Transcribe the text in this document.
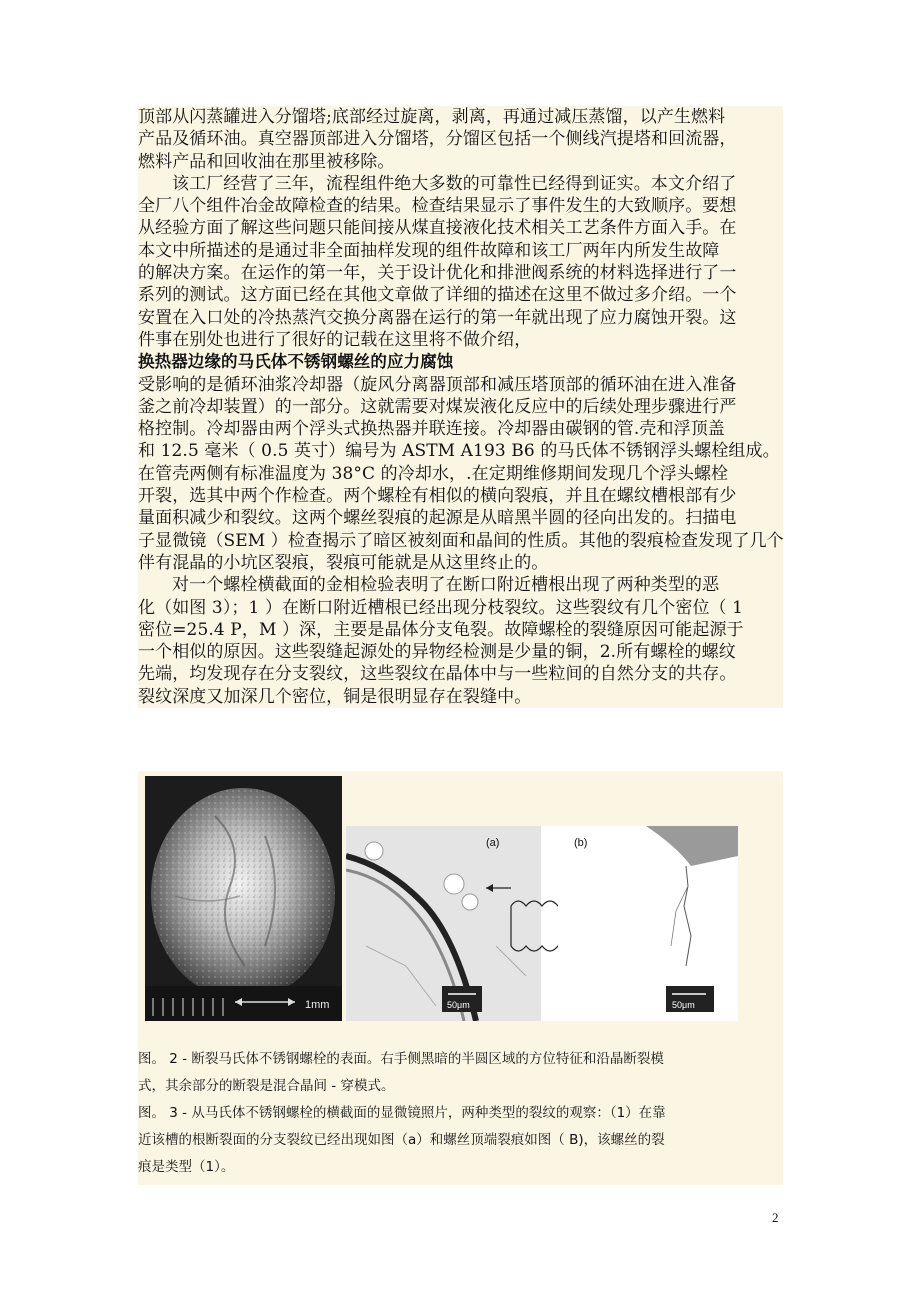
顶部从闪蒸罐进入分馏塔;底部经过旋离，剥离，再通过减压蒸馏，以产生燃料

产品及循环油。真空器顶部进入分馏塔，分馏区包括一个侧线汽提塔和回流器，

燃料产品和回收油在那里被移除。

该工厂经营了三年，流程组件绝大多数的可靠性已经得到证实。本文介绍了

全厂八个组件冶金故障检查的结果。检查结果显示了事件发生的大致顺序。要想

从经验方面了解这些问题只能间接从煤直接液化技术相关工艺条件方面入手。在

本文中所描述的是通过非全面抽样发现的组件故障和该工厂两年内所发生故障

的解决方案。在运作的第一年，关于设计优化和排泄阀系统的材料选择进行了一

系列的测试。这方面已经在其他文章做了详细的描述在这里不做过多介绍。一个

安置在入口处的冷热蒸汽交换分离器在运行的第一年就出现了应力腐蚀开裂。这

件事在别处也进行了很好的记载在这里将不做介绍，

换热器边缘的马氏体不锈钢螺丝的应力腐蚀

受影响的是循环油浆冷却器（旋风分离器顶部和减压塔顶部的循环油在进入准备

釜之前冷却装置）的一部分。这就需要对煤炭液化反应中的后续处理步骤进行严

格控制。冷却器由两个浮头式换热器并联连接。冷却器由碳钢的管.壳和浮顶盖

和 12.5 毫米（ 0.5 英寸）编号为 ASTM A193 B6 的马氏体不锈钢浮头螺栓组成。

在管壳两侧有标准温度为 38°C 的冷却水，.在定期维修期间发现几个浮头螺栓

开裂，选其中两个作检查。两个螺栓有相似的横向裂痕，并且在螺纹槽根部有少

量面积减少和裂纹。这两个螺丝裂痕的起源是从暗黑半圆的径向出发的。扫描电

子显微镜（SEM ）检查揭示了暗区被刻面和晶间的性质。其他的裂痕检查发现了几个

伴有混晶的小坑区裂痕，裂痕可能就是从这里终止的。

对一个螺栓横截面的金相检验表明了在断口附近槽根出现了两种类型的恶

化（如图 3）；1 ）在断口附近槽根已经出现分枝裂纹。这些裂纹有几个密位（ 1

密位=25.4 P，M ）深，主要是晶体分支龟裂。故障螺栓的裂缝原因可能起源于

一个相似的原因。这些裂缝起源处的异物经检测是少量的铜，2.所有螺栓的螺纹

先端，均发现存在分支裂纹，这些裂纹在晶体中与一些粒间的自然分支的共存。

裂纹深度又加深几个密位，铜是很明显存在裂缝中。

1mm
(a)
50μm
(b)
50μm

图。 2 - 断裂马氏体不锈钢螺栓的表面。右手侧黑暗的半圆区域的方位特征和沿晶断裂模

式，其余部分的断裂是混合晶间 - 穿模式。

图。 3 - 从马氏体不锈钢螺栓的横截面的显微镜照片，两种类型的裂纹的观察：（1）在靠

近该槽的根断裂面的分支裂纹已经出现如图（a）和螺丝顶端裂痕如图（ B)，该螺丝的裂

痕是类型（1）。

2
